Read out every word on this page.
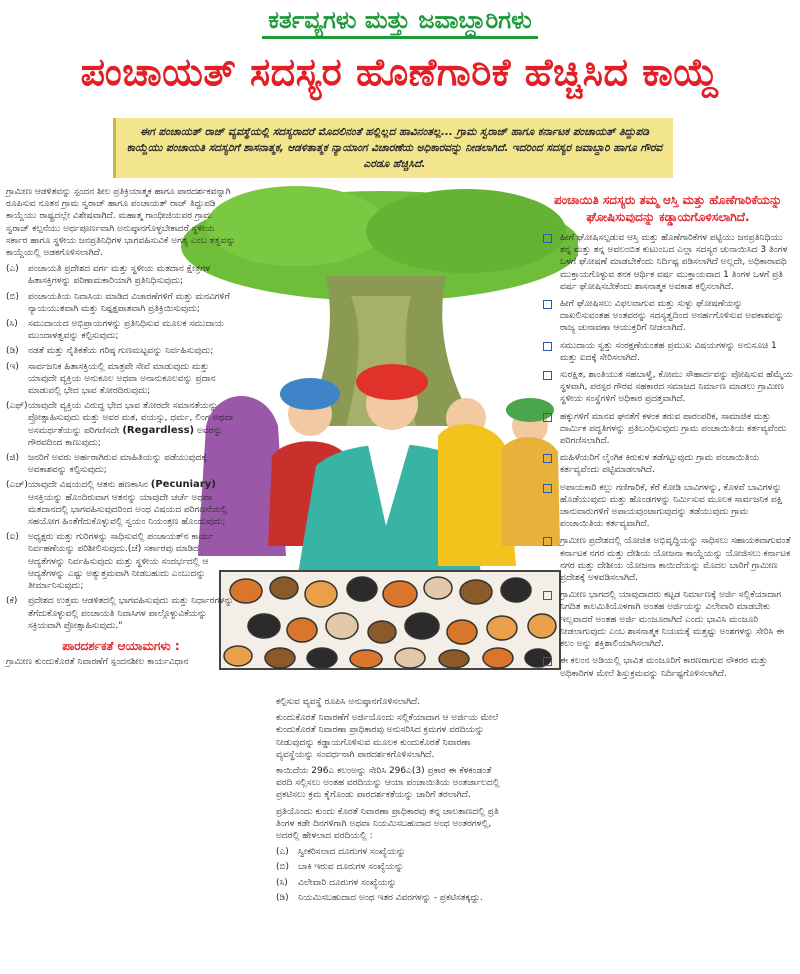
ಕರ್ತವ್ಯಗಳು ಮತ್ತು ಜವಾಬ್ದಾರಿಗಳು
ಪಂಚಾಯತ್ ಸದಸ್ಯರ ಹೊಣೆಗಾರಿಕೆ ಹೆಚ್ಚಿಸಿದ ಕಾಯ್ದೆ
ಈಗ ಪಂಚಾಯತ್ ರಾಜ್ ವ್ಯವಸ್ಥೆಯಲ್ಲಿ ಸದಸ್ಯರಾದರೆ ಮೊದಲಿನಂತೆ ಹಲ್ಲಿಲ್ಲದ ಹಾವಿನಂತಲ್ಲ... ಗ್ರಾಮ ಸ್ವರಾಜ್ ಹಾಗೂ ಕರ್ನಾಟಕ ಪಂಚಾಯತ್ ತಿದ್ದುಪಡಿ ಕಾಯ್ದೆಯು ಪಂಚಾಯತಿ ಸದಸ್ಯರಿಗೆ ಶಾಸನಾತ್ಮಕ, ಆಡಳಿತಾತ್ಮಕ ನ್ಯಾಯಾಂಗ ವಿಚಾರಣೆಯ ಅಧಿಕಾರವನ್ನು ನೀಡಲಾಗಿದೆ. ಇದರಿಂದ ಸದಸ್ಯರ ಜವಾಬ್ದಾರಿ ಹಾಗೂ ಗೌರವ ಎರಡೂ ಹೆಚ್ಚಿಸಿದೆ.

ಗ್ರಾಮೀಣ ಆಡಳಿತವನ್ನು ಸ್ಪಂದನ ಶೀಲ ಪ್ರತಿಕ್ರಿಯಾತ್ಮಕ ಹಾಗೂ ಪಾರದರ್ಶಕವನ್ನಾಗಿ ರೂಪಿಸುವ ನೂತನ ಗ್ರಾಮ ಸ್ವರಾಜ್ ಹಾಗೂ ಪಂಚಾಯತ್ ರಾಜ್ ತಿದ್ದುಪಡಿ ಕಾಯ್ದೆಯು ರಾಷ್ಟ್ರದಲ್ಲೇ ವಿಶೇಷವಾಗಿದೆ. ಮಹಾತ್ಮ ಗಾಂಧೀಜಿಯವರ ಗ್ರಾಮ ಸ್ವರಾಜ್ ಕಲ್ಪನೆಯು ಅರ್ಥಪೂರ್ಣವಾಗಿ ಅನುಷ್ಠಾನಗೊಳ್ಳಬೇಕಾದರೆ ಸ್ಥಳೀಯ ಸರ್ಕಾರ ಹಾಗೂ ಸ್ಥಳೀಯ ಜನಪ್ರತಿನಿಧಿಗಳ ಭಾಗವಹಿಸುವಿಕೆ ಅಗತ್ಯ ಎಂಬ ತತ್ವವನ್ನು ಕಾಯ್ದೆಯಲ್ಲಿ ಅಡಕಗೊಳಿಸಲಾಗಿದೆ.

(ಎ)	ಪಂಚಾಯತಿ ಪ್ರದೇಶದ ವರ್ಗ ಮತ್ತು ಸ್ಥಳೀಯ ಮತದಾನ ಕ್ಷೇತ್ರಗಳ ಹಿತಾಸಕ್ತಿಗಳನ್ನು ಪರಿಣಾಮಕಾರಿಯಾಗಿ ಪ್ರತಿನಿಧಿಸುವುದು;
(ಬಿ) ಪಂಚಾಯತಿಯ ನಿವಾಸಿಯ ಮಾಡಿದ ವಿಚಾರಣೆಗಳಿಗೆ ಮತ್ತು ಮನವಿಗಳಿಗೆ ನ್ಯಾಯಯುತವಾಗಿ ಮತ್ತು ನಿಷ್ಪಕ್ಷಪಾತವಾಗಿ ಪ್ರತಿಕ್ರಿಯಿಸುವುದು;
(ಸಿ)	ಸಮುದಾಯದ ಅಭಿಪ್ರಾಯಗಳನ್ನು ಪ್ರತಿನಿಧಿಸುವ ಮೂಲಕ ಸಮುದಾಯ ಮುಂದಾಳತ್ವವನ್ನು ಕಲ್ಪಿಸುವುದು;
(ಡಿ)	ನಡತೆ ಮತ್ತು ನೈತಿಕತೆಯ ಗರಿಷ್ಠ ಗುಣಮಟ್ಟವನ್ನು ನಿರ್ವಹಿಸುವುದು;
(ಇ)	ಸಾರ್ವಜನಿಕ ಹಿತಾಸಕ್ತಿಯಲ್ಲಿ ಮಾತ್ರವೇ ಸೇವೆ ಮಾಡುವುದು ಮತ್ತು ಯಾವುದೇ ವ್ಯಕ್ತಿಯ ಅನುಕೂಲ ಅಥವಾ ಅನಾನುಕೂಲವನ್ನು ಪ್ರದಾನ ಮಾಡುವಲ್ಲಿ ಭೇದ ಭಾವ ತೋರದಿರುವುದು;
(ಎಫ್) ಯಾವುದೇ ವ್ಯಕ್ತಿಯ ವಿರುದ್ಧ ಭೇದ ಭಾವ ತೋರದೇ ಸಮಾನತೆಯನ್ನು ಪ್ರೋತ್ಸಾಹಿಸುವುದು ಮತ್ತು ಅವರ ಮತ, ವಯಸ್ಸು, ಧರ್ಮ, ಲಿಂಗ ಅಥವಾ ಅಸಮರ್ಥತೆಯನ್ನು ಪರಿಗಣಿಸದೇ (Regardless) ಅವರನ್ನು ಗೌರವದಿಂದ ಕಾಣುವುದು;
(ಜಿ) ಜನರಿಗೆ ಅವರು ಅರ್ಹರಾಗಿರುವ ಮಾಹಿತಿಯನ್ನು ಪಡೆಯುವುದಕ್ಕೆ ಅವಕಾಶವನ್ನು ಕಲ್ಪಿಸುವುದು;
(ಎಚ್) ಯಾವುದೇ ವಿಷಯದಲ್ಲಿ ಆತನು ಹಣಕಾಸಿನ (Pecuniary) ಆಸಕ್ತಿಯನ್ನು ಹೊಂದಿರುವಾಗ ಆತನನ್ನು ಯಾವುದೇ ಚರ್ಚೆ ಅಥವಾ ಮತದಾನದಲ್ಲಿ ಭಾಗವಹಿಸುವುದರಿಂದ ಅಂಥ ವಿಷಯದ ಪರಿಗಣನೆಯಲ್ಲಿ ಸಹಯೋಗ ಹಿಂತೆಗೆದುಕೊಳ್ಳುವಲ್ಲಿ ಸ್ವಯಂ ನಿಯಂತ್ರಣ ಹೊಂದುವುದು;
(ಐ)	ಅಧ್ಯಕ್ಷರು ಮತ್ತು ಗುರಿಗಳನ್ನು ಸಾಧಿಸುವಲ್ಲಿ ಪಂಚಾಯತ್‌ನ ಕಾರ್ಯ ನಿರ್ವಹಣೆಯನ್ನು ಪರಿಶೀಲಿಸುವುದು.(ಜೆ) ಸರ್ಕಾರವು ಮಾಡಿದ ಆದ್ಯತೆಗಳನ್ನು ನಿರ್ವಹಿಸುವುದು ಮತ್ತು ಸ್ಥಳೀಯ ಸಂದರ್ಭದಲ್ಲಿ ಆ ಆದ್ಯತೆಗಳನ್ನು ಎಷ್ಟು ಅತ್ಯುತ್ತಮವಾಗಿ ನೀಡಬಹುದು ಎಂಬುದನ್ನು ತೀರ್ಮಾನಿಸುವುದು;
(ಕೆ)	ಪ್ರದೇಶದ ಉತ್ತಮ ಆಡಳಿತದಲ್ಲಿ ಭಾಗವಹಿಸುವುದು ಮತ್ತು ನಿರ್ಧಾರಗಳನ್ನು ತೆಗೆದುಕೊಳ್ಳುವಲ್ಲಿ ಪಂಚಾಯತಿ ನಿವಾಸಿಗಳ ಪಾಲ್ಗೊಳ್ಳುವಿಕೆಯನ್ನು ಸಕ್ರಿಯವಾಗಿ ಪ್ರೋತ್ಸಾಹಿಸುವುದು."
ಪಾರದರ್ಶಕತೆ ಆಯಾಮಗಳು :

ಗ್ರಾಮೀಣ ಕುಂದುಕೊರತೆ ನಿವಾರಣೆಗೆ ಸ್ಪಂದನಶೀಲ ಕಾರ್ಯವಿಧಾನ

ಕಲ್ಪಿಸುವ ವ್ಯವಸ್ಥೆ ರೂಪಿಸಿ ಅನುಷ್ಠಾನಗೊಳಿಸಲಾಗಿದೆ.

ಕುಂದುಕೊರತೆ ನಿವಾರಣೆಗೆ ಅರ್ಜಿಯೊಂದು ಸಲ್ಲಿಕೆಯಾದಾಗ ಆ ಅರ್ಜಿಯ ಮೇಲೆ ಕುಂದುಕೊರತೆ ನಿವಾರಣಾ ಪ್ರಾಧಿಕಾರವು ಅನುಸರಿಸಿದ ಕ್ರಮಗಳ ವರದಿಯನ್ನು ನೀಡುವುದನ್ನು ಕಡ್ಡಾಯಗೊಳಿಸುವ ಮೂಲಕ ಕುಂದುಕೊರತೆ ನಿವಾರಣಾ ವ್ಯವಸ್ಥೆಯನ್ನು ಸಂವರ್ಧನಾಗಿ ಪಾರದರ್ಶಕಗೊಳಿಸಲಾಗಿದೆ.

ಕಾಯಿದೆಯ 296ಎ ಕಲಂಅನ್ನು ಸೇರಿಸಿ 296ಎ(3) ಪ್ರಕಾರ ಈ ಕೆಳಕಂಡಂತೆ ವರದಿ ಸಲ್ಲಿಸಲು ಅಂತಹ ವರದಿಯನ್ನು ಆಯಾ ಪಂಚಾಯಿತಿಯ ಅಂತರ್ಜಾಲದಲ್ಲಿ ಪ್ರಕಟಿಸಲು ಕ್ರಮ ಕೈಗೊಂಡು ಪಾರದರ್ಶಕತೆಯನ್ನು ಜಾರಿಗೆ ತರಲಾಗಿದೆ.

ಪ್ರತಿಯೊಂದು ಕುಂದು ಕೊರತೆ ನಿವಾರಣಾ ಪ್ರಾಧಿಕಾರವು ತನ್ನ ಜಾಲತಾಣದಲ್ಲಿ ಪ್ರತಿ ತಿಂಗಳ ಕಡೇ ದಿನಗಳಿಗಾಗಿ ಅಥವಾ ನಿಯಮಿಸಬಹುದಾದ ಅಂಥ ಅಂತರಗಳಲ್ಲಿ, ಅದರಲ್ಲಿ ಹೇಳಲಾದ ವರದಿಯಲ್ಲಿ :

(ಎ)	ಸ್ವೀಕರಿಸಲಾದ ದೂರುಗಳ ಸಂಖ್ಯೆಯನ್ನು
(ಬಿ) ಬಾಕಿ ಇರುವ ದೂರುಗಳ ಸಂಖ್ಯೆಯನ್ನು
(ಸಿ)	ವಿಲೇವಾರಿ ದೂರುಗಳ ಸಂಖ್ಯೆಯನ್ನು
(ಡಿ)	ನಿಯಮಿಸಬಹುದಾದ ಅಂಥ ಇತರ ವಿವರಗಳನ್ನು - ಪ್ರಕಟಿಸತಕ್ಕದ್ದು.
ಪಂಚಾಯಿತಿ ಸದಸ್ಯರು ತಮ್ಮ ಆಸ್ತಿ ಮತ್ತು ಹೊಣೆಗಾರಿಕೆಯನ್ನು ಘೋಷಿಸುವುದನ್ನು ಕಡ್ಡಾಯಗೊಳಿಸಲಾಗಿದೆ.
ಹೀಗೆ ಘೋಷಿಸಲ್ಪಡುವ ಆಸ್ತಿ ಮತ್ತು ಹೊಣೆಗಾರಿಕೆಗಳ ಪಟ್ಟಿಯು ಜನಪ್ರತಿನಿಧಿಯು ತನ್ನ ಮತ್ತು ತನ್ನ ಅವಲಂಬಿತ ಕುಟುಂಬದ ಎಲ್ಲಾ ಸದಸ್ಯರ ಚುನಾಯಿಸಿದ 3 ತಿಂಗಳ ಒಳಗೆ ಘೋಷಣೆ ಮಾಡಬೇಕೆಂದು ನಿರ್ದಿಷ್ಟ ಪಡಿಸಲಾಗಿದೆ ಅಲ್ಲದೇ, ಅಧಿಕಾರಾವಧಿ ಮುಕ್ತಾಯಗೊಳ್ಳುವ ತನಕ ಆರ್ಥಿಕ ವರ್ಷ ಮುಕ್ತಾಯವಾದ 1 ತಿಂಗಳ ಒಳಗೆ ಪ್ರತಿ ವರ್ಷ ಘೋಷಿಸಬೇಕೆಂದು ಶಾಸನಾತ್ಮಕ ಅವಕಾಶ ಕಲ್ಪಿಸಲಾಗಿದೆ.
ಹೀಗೆ ಘೋಷಿಸಲು ವಿಫಲವಾಗುವ ಮತ್ತು ಸುಳ್ಳು ಘೋಷಣೆಯನ್ನು ದಾಖಲಿಸುವಂತಹ ಅಂತವರನ್ನು ಸದಸ್ಯತ್ವದಿಂದ ಅನರ್ಹಗೊಳಿಸುವ ಅವಕಾಶವನ್ನು ರಾಜ್ಯ ಚುನಾವಣಾ ಆಯುಕ್ತರಿಗೆ ನೀಡಲಾಗಿದೆ.
ಸಮುದಾಯ ಸ್ವತ್ತು ಸಂರಕ್ಷಣೆಯಂತಹ ಪ್ರಮುಖ ವಿಷಯಗಳನ್ನು ಅನುಸೂಚಿ 1 ಮತ್ತು ಐದಕ್ಕೆ ಸೇರಿಸಲಾಗಿದೆ.
ಸುರಕ್ಷಿತ, ಶಾಂತಿಯುತ ಸಹಬಾಳ್ವೆ, ಕೋಮು ಸೌಹಾರ್ದವನ್ನು ಪೋಷಿಸುವ ಹೆಮ್ಮೆಯ ಸ್ಥಳವಾಗಿ, ಪರಸ್ಪರ ಗೌರವ ಸಹಕಾರದ ಸಮಾಜದ ನಿರ್ಮಾಣ ಮಾಡಲು ಗ್ರಾಮೀಣ ಸ್ಥಳೀಯ ಸಂಸ್ಥೆಗಳಿಗೆ ಅಧಿಕಾರ ಪ್ರದತ್ತವಾಗಿದೆ.
ಹಕ್ಕುಗಳಿಗೆ ಮಾನವ ಘನತೆಗೆ ಕಳಂಕ ತರುವ ಪಾರಂಪರಿಕ, ಸಾಮಾಜಿಕ ಮತ್ತು ದಾರ್ಮಿಕ ಪದ್ಧತಿಗಳನ್ನು ಪ್ರತಿಬಂಧಿಸುವುದು ಗ್ರಾಮ ಪಂಚಾಯಿತಿಯ ಕರ್ತವ್ಯವೆಂದು ಪರಿಗಣಿಸಲಾಗಿದೆ.
ಮಹಿಳೆಯರಿಗೆ ಲೈಂಗಿಕ ಕಿರುಕುಳ ತಡೆಗಟ್ಟುವುದು ಗ್ರಾಮ ಪಂಚಾಯಿತಿಯ ಕರ್ತವ್ಯವೆಂದು ಪಟ್ಟಿಮಾಡಲಾಗಿದೆ.
ಅಪಾಯಕಾರಿ ಕಲ್ಲು ಗಣಿಗಾರಿಕೆ, ಕೆರೆ ಕೋಡಿ ಬಾವಿಗಳನ್ನು, ಕೊಳವೆ ಬಾವಿಗಳನ್ನು ಹೊಡೆಯುವುದು ಮತ್ತು ಹೊಂಡಗಳನ್ನು ನಿರ್ಮಿಸುವ ಮೂಲಕ ಸಾರ್ವಜನಿಕ ಪಕ್ಷಿ ಜಾನುವಾರುಗಳಿಗೆ ಅಪಾಯವುಂಟಾಗುವುದನ್ನು ತಡೆಯುವುದು ಗ್ರಾಮ ಪಂಚಾಯಿತಿಯ ಕರ್ತವ್ಯವಾಗಿದೆ.
ಗ್ರಾಮೀಣ ಪ್ರದೇಶದಲ್ಲಿ ಯೋಜಿತ ಅಭಿವೃದ್ಧಿಯನ್ನು ಸಾಧಿಸಲು ಸಹಾಯಕವಾಗುವಂತೆ ಕರ್ನಾಟಕ ನಗರ ಮತ್ತು ದೇಶಿಯ ಯೋಜನಾ ಕಾಯ್ದೆಯನ್ನು ಯೋಜಿಸಲು ಕರ್ನಾಟಕ ನಗರ ಮತ್ತು ದೇಶೀಯ ಯೋಜನಾ ಕಾಯಿದೆಯನ್ನು ಮೊದಲ ಬಾರಿಗೆ ಗ್ರಾಮೀಣ ಪ್ರದೇಶಕ್ಕೆ ಅಳವಡಿಸಲಾಗಿದೆ.
ಗ್ರಾಮೀಣ ಭಾಗದಲ್ಲಿ ಯಾವುದಾದರು ಕಟ್ಟಡ ನಿರ್ಮಾಣಕ್ಕೆ ಅರ್ಜಿ ಸಲ್ಲಿಕೆಯಾದಾಗ ನಿಗದಿತ ಕಾಲಮಿತಿಯೊಳಗಾಗಿ ಅಂತಹ ಅರ್ಜಿಯನ್ನು ವಿಲೇವಾರಿ ಮಾಡಬೇಕು ಇಲ್ಲವಾದರೆ ಅಂತಹ ಅರ್ಜಿ ಮಂಜೂರಾಗಿದೆ ಎಂದು ಭಾವಿಸಿ ಮಂಜೂರಿ ನೀಡಲಾಗುವುದು ಎಂಬ ಶಾಸನಾತ್ಮಕ ನಿಯಮಕ್ಕೆ ಮತ್ತಷ್ಟು ಅಂಶಗಳನ್ನು ಸೇರಿಸಿ ಈ ಕಲಂ ಅನ್ನು ಶಕ್ತಿಶಾಲಿಯಾಗಿಸಲಾಗಿದೆ.
ಈ ಕಲಂನ ಅಡಿಯಲ್ಲಿ ಭಾವಿತ ಮಂಜೂರಿಗೆ ಕಾರಣರಾಗುವ ನೌಕರರ ಮತ್ತು ಅಧಿಕಾರಿಗಳ ಮೇಲೆ ಶಿಸ್ತುಕ್ರಮವನ್ನು ನಿರ್ದಿಷ್ಟಗೊಳಿಸಲಾಗಿದೆ.
